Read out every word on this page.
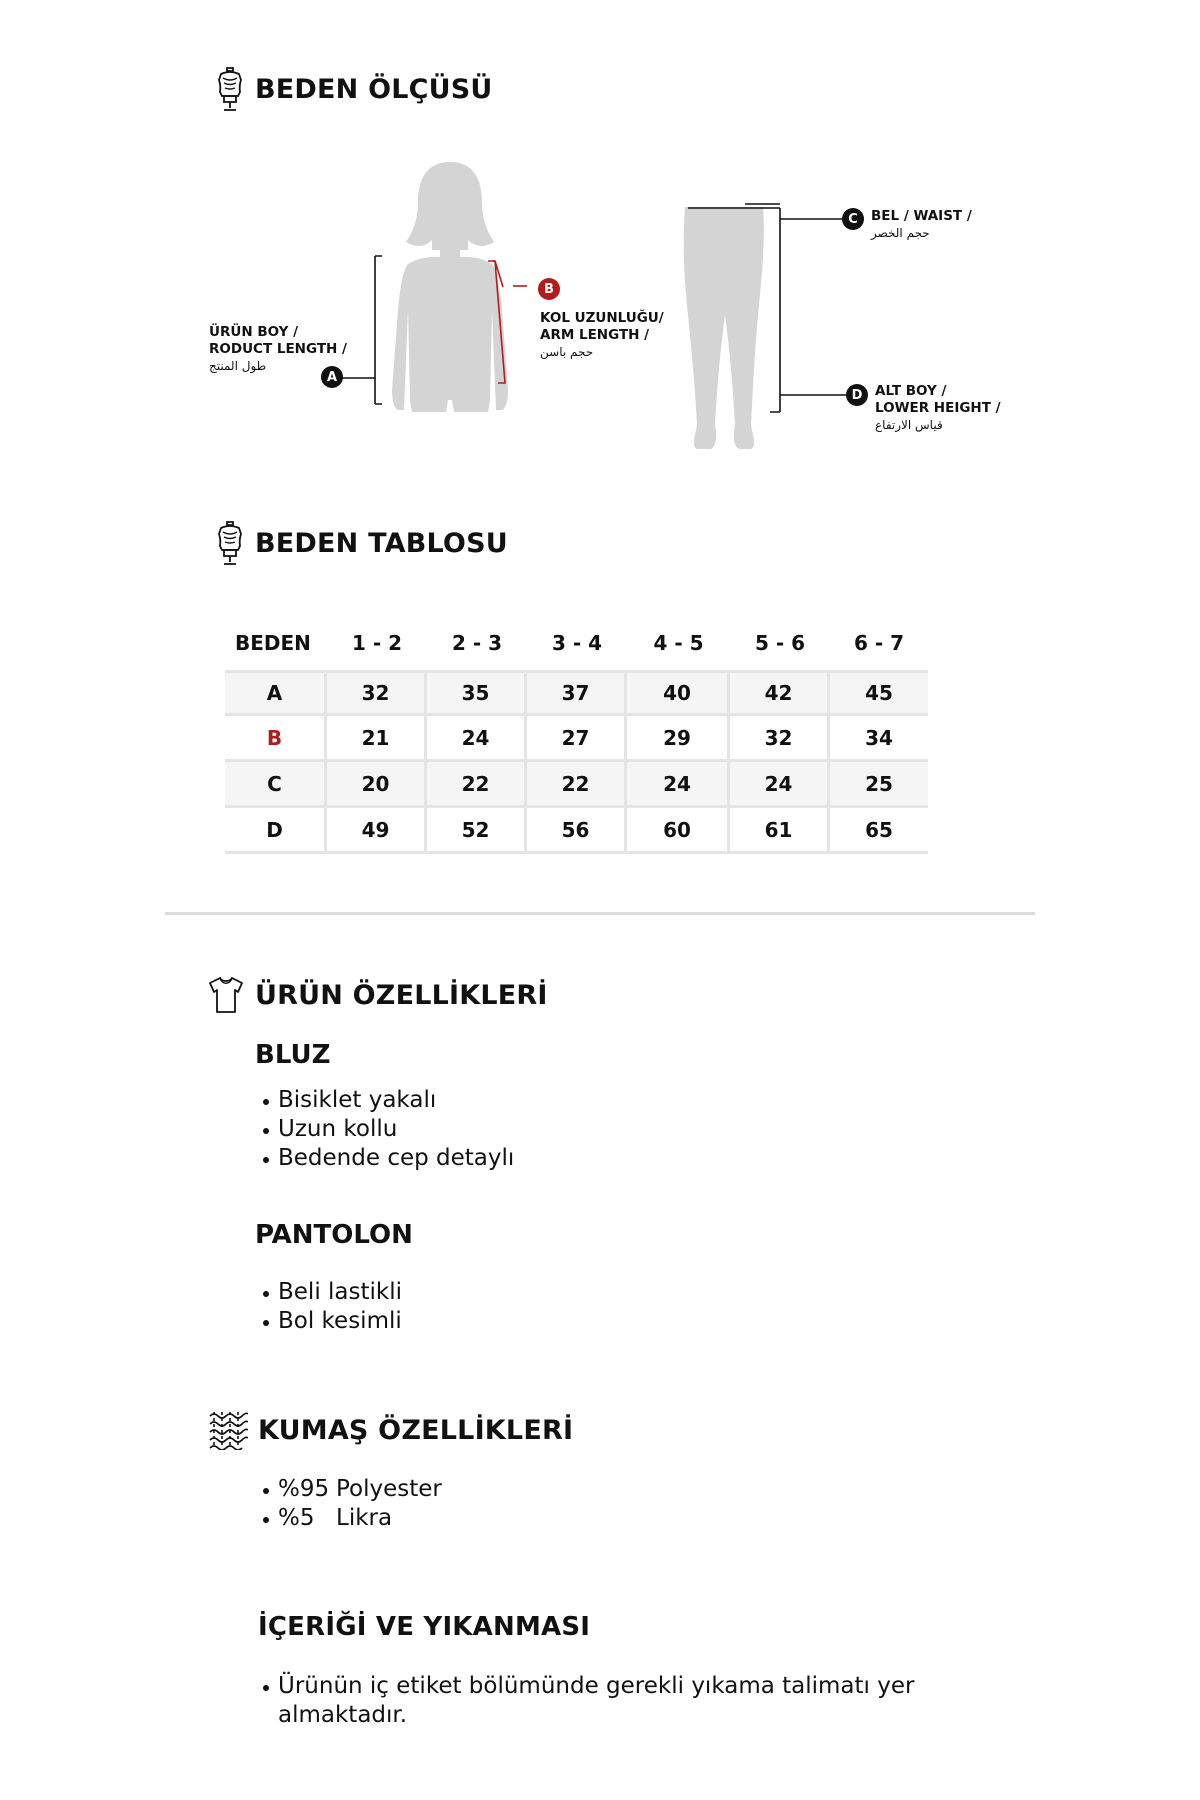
BEDEN ÖLÇÜSÜ
A
ÜRÜN BOY /
RODUCT LENGTH /
طول المنتج
B
KOL UZUNLUĞU/
ARM LENGTH /
حجم باسن
C BEL / WAIST /
حجم الخصر
D ALT BOY /
LOWER HEIGHT /
قياس الارتفاع
BEDEN TABLOSU
BEDEN	1 - 2	2 - 3	3 - 4	4 - 5	5 - 6	6 - 7
A	32	35	37	40	42	45
B	21	24	27	29	32	34
C	20	22	22	24	24	25
D	49	52	56	60	61	65
ÜRÜN ÖZELLİKLERİ
BLUZ
Bisiklet yakalı
Uzun kollu
Bedende cep detaylı
PANTOLON
Beli lastikli
Bol kesimli
KUMAŞ ÖZELLİKLERİ
%95 Polyester
%5 Likra
İÇERİĞİ VE YIKANMASI
Ürünün iç etiket bölümünde gerekli yıkama talimatı yer almaktadır.
